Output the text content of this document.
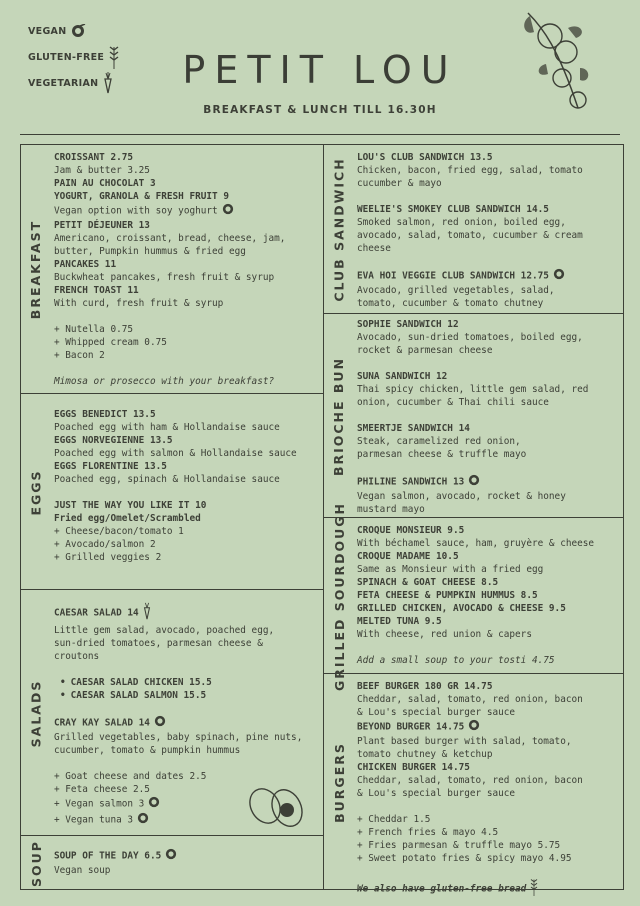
VEGAN
GLUTEN-FREE
VEGETARIAN	PETIT LOU
BREAKFAST & LUNCH TILL 16.30H
BREAKFAST
CROISSANT 2.75
Jam & butter 3.25
PAIN AU CHOCOLAT 3
YOGURT, GRANOLA & FRESH FRUIT 9
Vegan option with soy yoghurt
PETIT DÉJEUNER 13
Americano, croissant, bread, cheese, jam,
butter, Pumpkin hummus & fried egg
PANCAKES 11
Buckwheat pancakes, fresh fruit & syrup
FRENCH TOAST 11
With curd, fresh fruit & syrup
+ Nutella 0.75
+ Whipped cream 0.75
+ Bacon 2
Mimosa or prosecco with your breakfast?
EGGS
EGGS BENEDICT 13.5
Poached egg with ham & Hollandaise sauce
EGGS NORVEGIENNE 13.5
Poached egg with salmon & Hollandaise sauce
EGGS FLORENTINE 13.5
Poached egg, spinach & Hollandaise sauce
JUST THE WAY YOU LIKE IT 10
Fried egg/Omelet/Scrambled
+ Cheese/bacon/tomato 1
+ Avocado/salmon 2
+ Grilled veggies 2
SALADS
CAESAR SALAD 14
Little gem salad, avocado, poached egg,
sun-dried tomatoes, parmesan cheese &
croutons
• CAESAR SALAD CHICKEN 15.5
• CAESAR SALAD SALMON 15.5
CRAY KAY SALAD 14
Grilled vegetables, baby spinach, pine nuts,
cucumber, tomato & pumpkin hummus
+ Goat cheese and dates 2.5
+ Feta cheese 2.5
+ Vegan salmon 3
+ Vegan tuna 3
SOUP SOUP OF THE DAY 6.5
Vegan soup
CLUB SANDWICH LOU'S CLUB SANDWICH 13.5
Chicken, bacon, fried egg, salad, tomato
cucumber & mayo
WEELIE'S SMOKEY CLUB SANDWICH 14.5
Smoked salmon, red onion, boiled egg,
avocado, salad, tomato, cucumber & cream
cheese
EVA HOI VEGGIE CLUB SANDWICH 12.75
Avocado, grilled vegetables, salad,
tomato, cucumber & tomato chutney
BRIOCHE BUN
SOPHIE SANDWICH 12
Avocado, sun-dried tomatoes, boiled egg,
rocket & parmesan cheese
SUNA SANDWICH 12
Thai spicy chicken, little gem salad, red
onion, cucumber & Thai chili sauce
SMEERTJE SANDWICH 14
Steak, caramelized red onion,
parmesan cheese & truffle mayo
PHILINE SANDWICH 13
Vegan salmon, avocado, rocket & honey
mustard mayo
GRILLED SOURDOUGH CROQUE MONSIEUR 9.5
With béchamel sauce, ham, gruyère & cheese
CROQUE MADAME 10.5
Same as Monsieur with a fried egg
SPINACH & GOAT CHEESE 8.5
FETA CHEESE & PUMPKIN HUMMUS 8.5
GRILLED CHICKEN, AVOCADO & CHEESE 9.5
MELTED TUNA 9.5
With cheese, red union & capers
Add a small soup to your tosti 4.75
BURGERS
BEEF BURGER 180 GR 14.75
Cheddar, salad, tomato, red onion, bacon
& Lou's special burger sauce
BEYOND BURGER 14.75
Plant based burger with salad, tomato,
tomato chutney & ketchup
CHICKEN BURGER 14.75
Cheddar, salad, tomato, red onion, bacon
& Lou's special burger sauce
+ Cheddar 1.5
+ French fries & mayo 4.5
+ Fries parmesan & truffle mayo 5.75
+ Sweet potato fries & spicy mayo 4.95
We also have gluten-free bread
